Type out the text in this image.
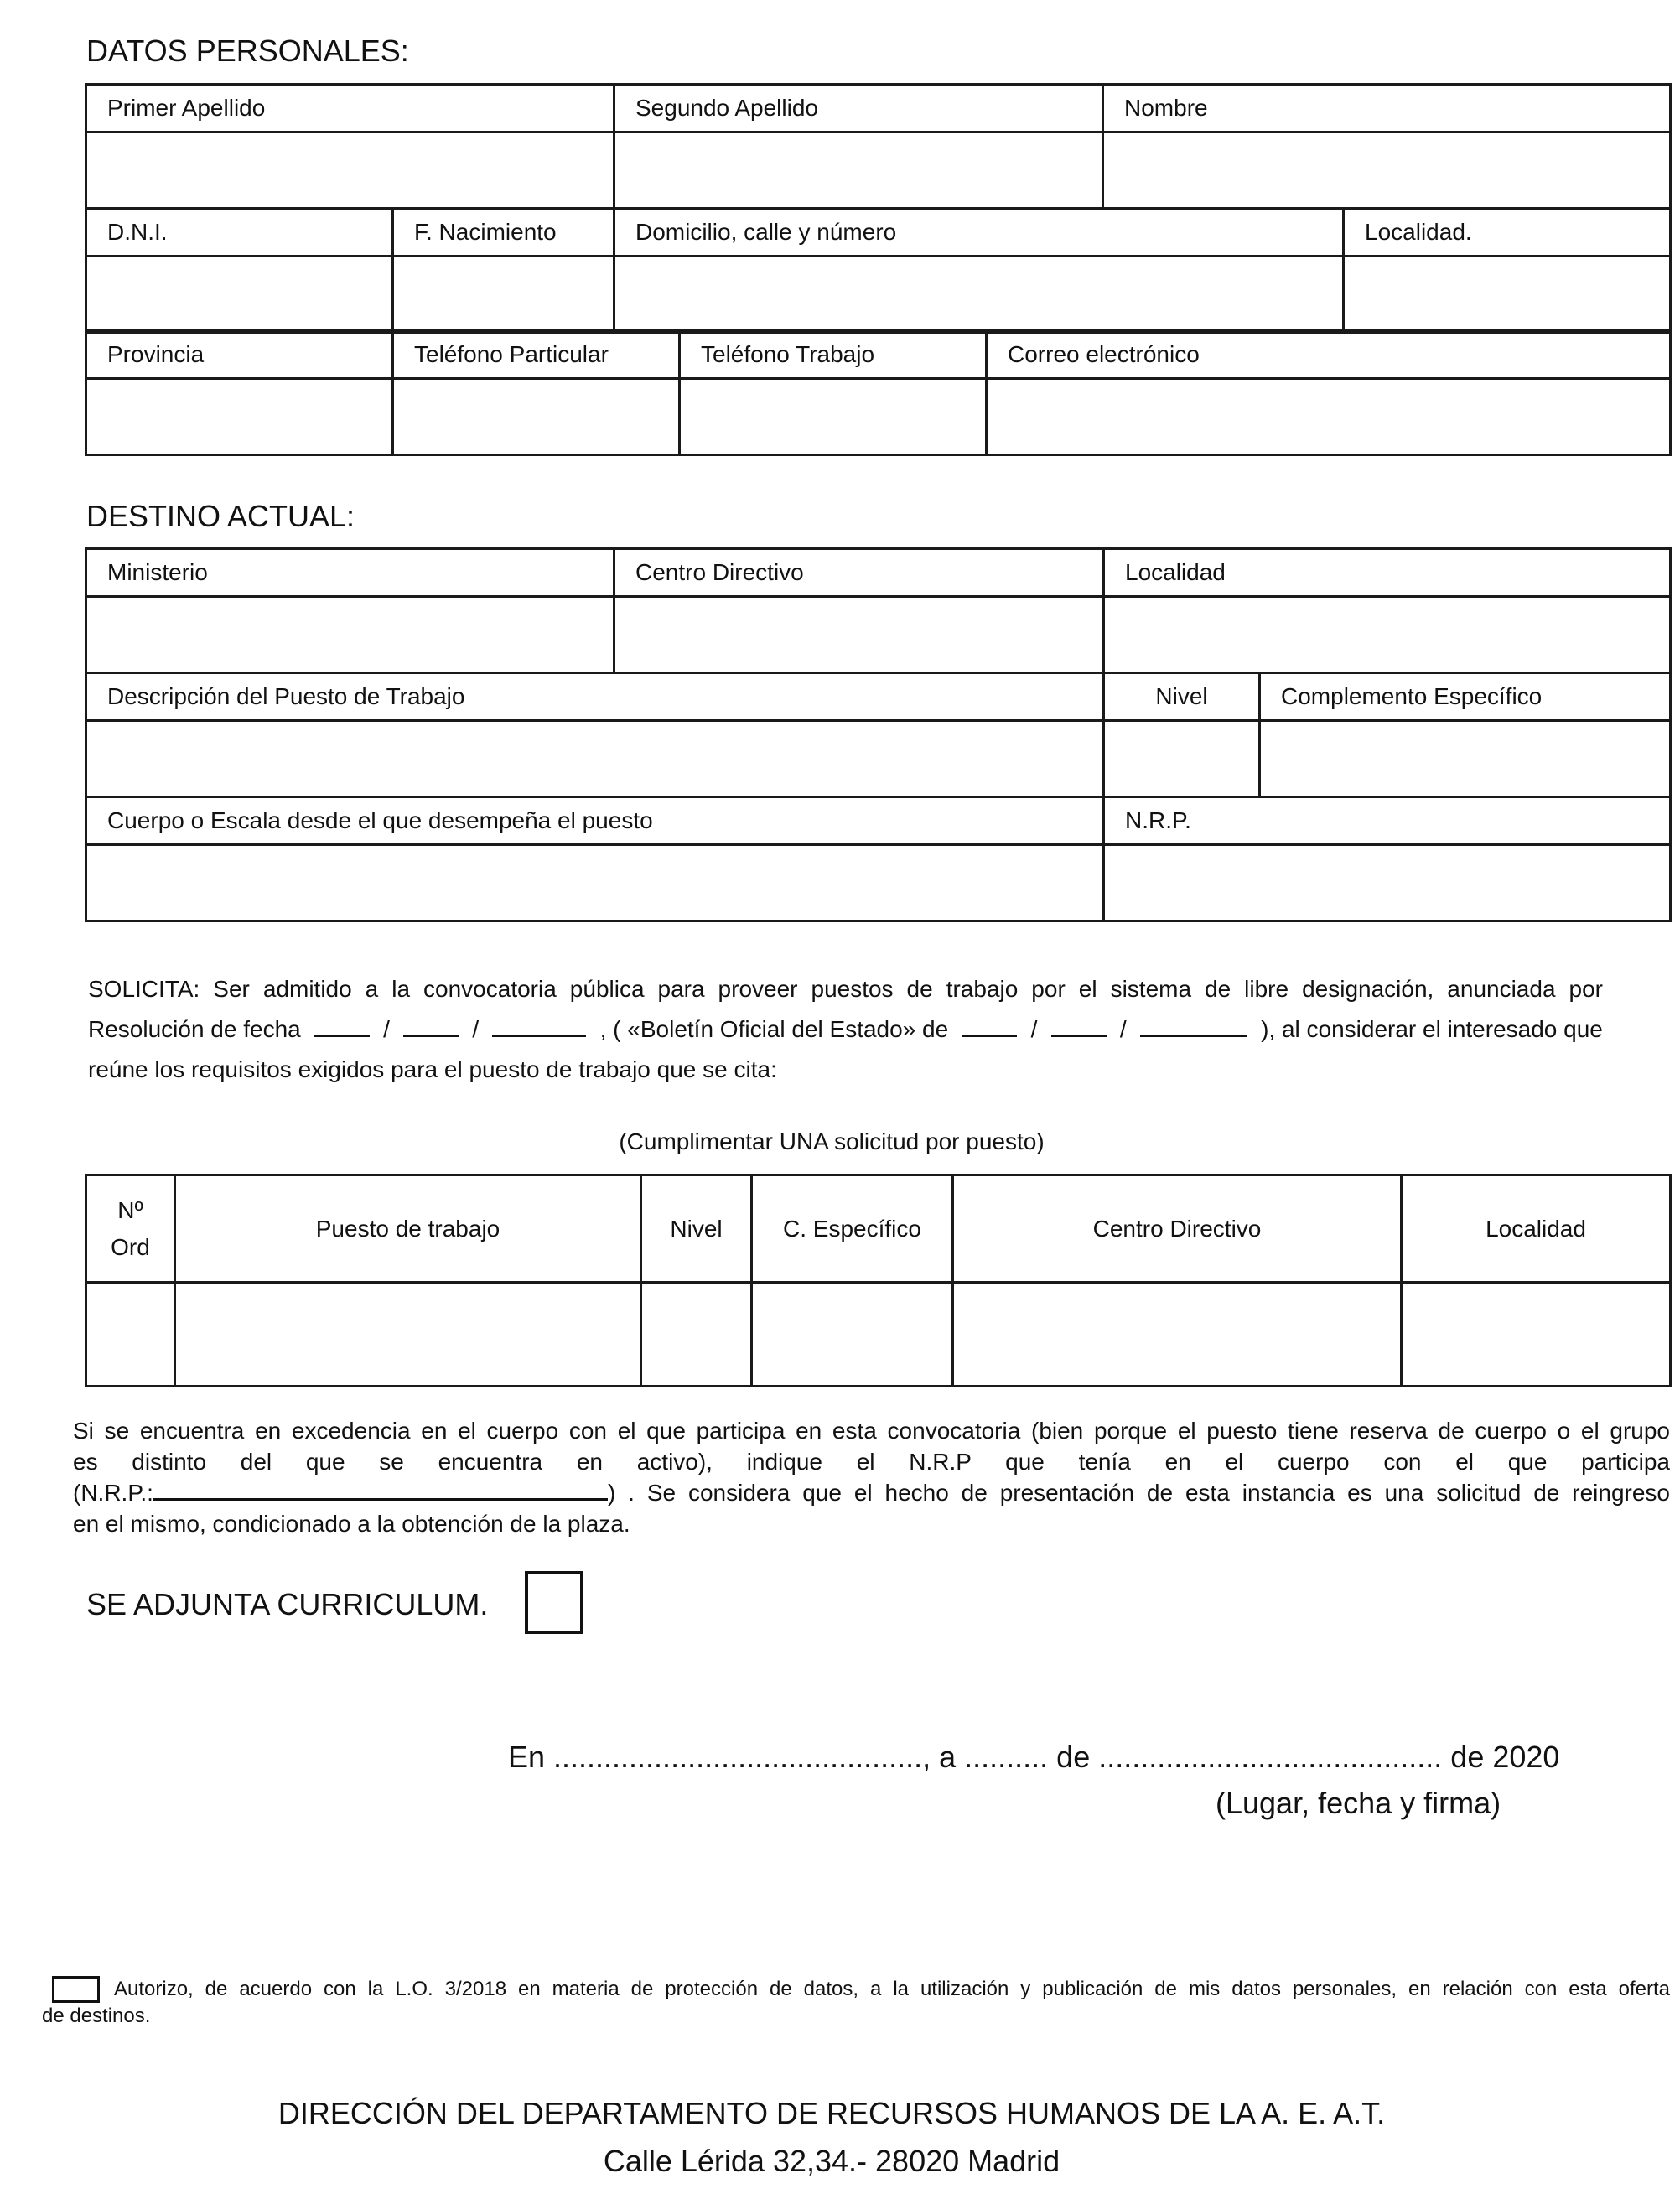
DATOS PERSONALES:
Primer Apellido		Segundo Apellido	Nombre	

D.N.I.	F. Nacimiento	Domicilio, calle y número		Localidad.

Provincia	Teléfono Particular	Teléfono Trabajo	Correo electrónico

DESTINO ACTUAL:
Ministerio	Centro Directivo	Localidad	

Descripción del Puesto de Trabajo		Nivel	Complemento Específico

Cuerpo o Escala desde el que desempeña el puesto		N.R.P.	

SOLICITA: Ser admitido a la convocatoria pública para proveer puestos de trabajo por el sistema de libre designación, anunciada por
Resolución de fecha	/	/	, ( «Boletín Oficial del Estado» de	/	/	), al considerar el interesado que
reúne los requisitos exigidos para el puesto de trabajo que se cita:
(Cumplimentar UNA solicitud por puesto)
Nº
Ord	Puesto de trabajo	Nivel	C. Específico	Centro Directivo	Localidad

Si se encuentra en excedencia en el cuerpo con el que participa en esta convocatoria (bien porque el puesto tiene reserva de cuerpo o el grupo
es distinto del que se encuentra en activo), indique el N.R.P que tenía en el cuerpo con el que participa
(N.R.P.:	) . Se considera que el hecho de presentación de esta instancia es una solicitud de reingreso
en el mismo, condicionado a la obtención de la plaza.
SE ADJUNTA CURRICULUM.
En ............................................, a .......... de ......................................... de 2020
(Lugar, fecha y firma)
Autorizo, de acuerdo con la L.O. 3/2018 en materia de protección de datos, a la utilización y publicación de mis datos personales, en relación con esta oferta
de destinos.
DIRECCIÓN DEL DEPARTAMENTO DE RECURSOS HUMANOS DE LA A. E. A.T.
Calle Lérida 32,34.- 28020 Madrid
